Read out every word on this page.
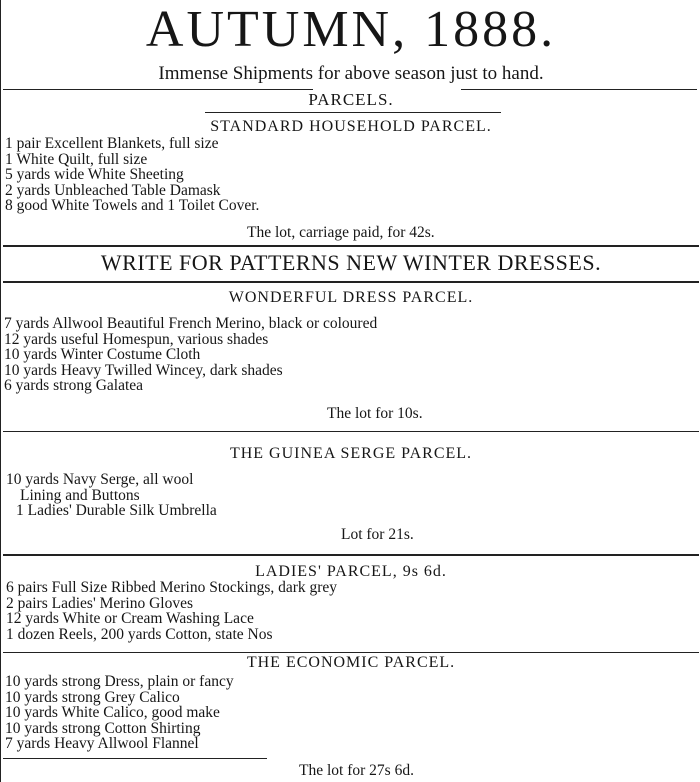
AUTUMN, 1888.
Immense Shipments for above season just to hand.
PARCELS.
STANDARD HOUSEHOLD PARCEL.
1 pair Excellent Blankets, full size
1 White Quilt, full size
5 yards wide White Sheeting
2 yards Unbleached Table Damask
8 good White Towels and 1 Toilet Cover.
The lot, carriage paid, for 42s.
WRITE FOR PATTERNS NEW WINTER DRESSES.
WONDERFUL DRESS PARCEL.
7 yards Allwool Beautiful French Merino, black or coloured
12 yards useful Homespun, various shades
10 yards Winter Costume Cloth
10 yards Heavy Twilled Wincey, dark shades
6 yards strong Galatea
The lot for 10s.
THE GUINEA SERGE PARCEL.
10 yards Navy Serge, all wool
Lining and Buttons
1 Ladies' Durable Silk Umbrella
Lot for 21s.
LADIES' PARCEL, 9s 6d.
6 pairs Full Size Ribbed Merino Stockings, dark grey
2 pairs Ladies' Merino Gloves
12 yards White or Cream Washing Lace
1 dozen Reels, 200 yards Cotton, state Nos
THE ECONOMIC PARCEL.
10 yards strong Dress, plain or fancy
10 yards strong Grey Calico
10 yards White Calico, good make
10 yards strong Cotton Shirting
7 yards Heavy Allwool Flannel
The lot for 27s 6d.
